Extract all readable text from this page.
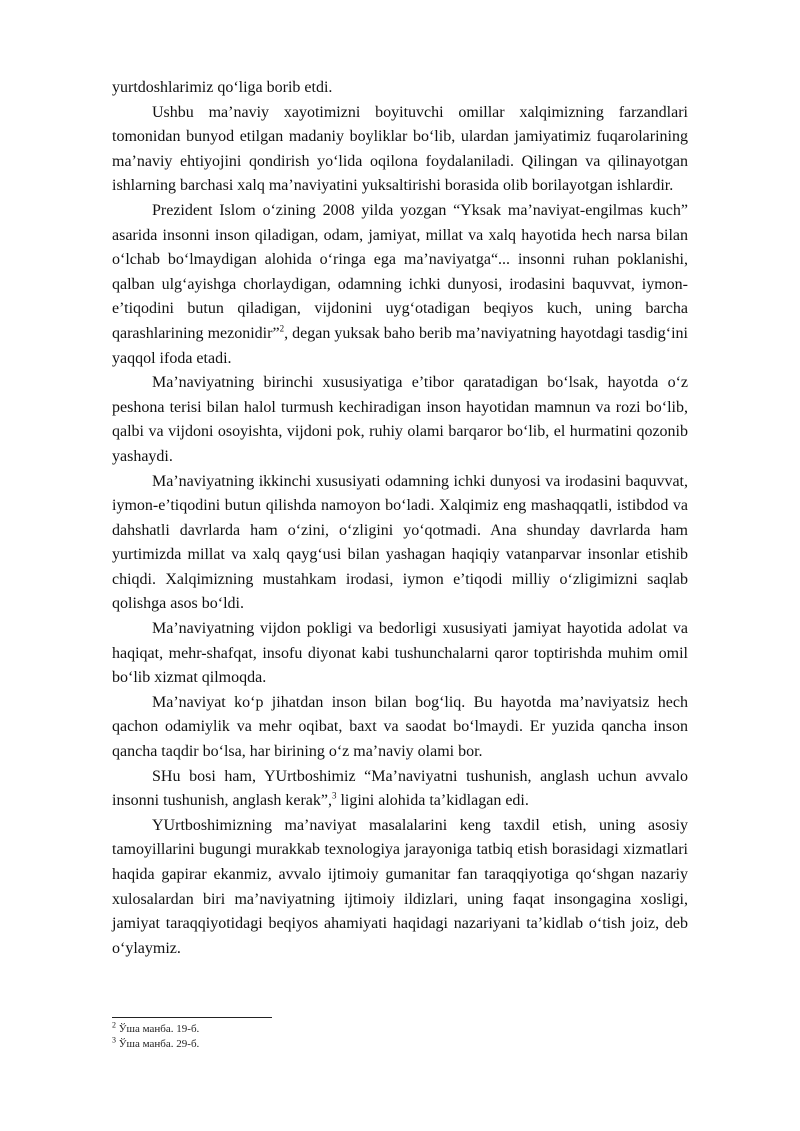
yurtdoshlarimiz qo‘liga borib etdi.

Ushbu ma’naviy xayotimizni boyituvchi omillar xalqimizning farzandlari tomonidan bunyod etilgan madaniy boyliklar bo‘lib, ulardan jamiyatimiz fuqarolarining ma’naviy ehtiyojini qondirish yo‘lida oqilona foydalaniladi. Qilingan va qilinayotgan ishlarning barchasi xalq ma’naviyatini yuksaltirishi borasida olib borilayotgan ishlardir.

Prezident Islom o‘zining 2008 yilda yozgan “Yksak ma’naviyat-engilmas kuch” asarida insonni inson qiladigan, odam, jamiyat, millat va xalq hayotida hech narsa bilan o‘lchab bo‘lmaydigan alohida o‘ringa ega ma’naviyatga“... insonni ruhan poklanishi, qalban ulg‘ayishga chorlaydigan, odamning ichki dunyosi, irodasini baquvvat, iymon-e’tiqodini butun qiladigan, vijdonini uyg‘otadigan beqiyos kuch, uning barcha qarashlarining mezonidir”$^2$, degan yuksak baho berib ma’naviyatning hayotdagi tasdig‘ini yaqqol ifoda etadi.

Ma’naviyatning birinchi xususiyatiga e’tibor qaratadigan bo‘lsak, hayotda o‘z peshona terisi bilan halol turmush kechiradigan inson hayotidan mamnun va rozi bo‘lib, qalbi va vijdoni osoyishta, vijdoni pok, ruhiy olami barqaror bo‘lib, el hurmatini qozonib yashaydi.

Ma’naviyatning ikkinchi xususiyati odamning ichki dunyosi va irodasini baquvvat, iymon-e’tiqodini butun qilishda namoyon bo‘ladi. Xalqimiz eng mashaqqatli, istibdod va dahshatli davrlarda ham o‘zini, o‘zligini yo‘qotmadi. Ana shunday davrlarda ham yurtimizda millat va xalq qayg‘usi bilan yashagan haqiqiy vatanparvar insonlar etishib chiqdi. Xalqimizning mustahkam irodasi, iymon e’tiqodi milliy o‘zligimizni saqlab qolishga asos bo‘ldi.

Ma’naviyatning vijdon pokligi va bedorligi xususiyati jamiyat hayotida adolat va haqiqat, mehr-shafqat, insofu diyonat kabi tushunchalarni qaror toptirishda muhim omil bo‘lib xizmat qilmoqda.

Ma’naviyat ko‘p jihatdan inson bilan bog‘liq. Bu hayotda ma’naviyatsiz hech qachon odamiylik va mehr oqibat, baxt va saodat bo‘lmaydi. Er yuzida qancha inson qancha taqdir bo‘lsa, har birining o‘z ma’naviy olami bor.

SHu bosi ham, YUrtboshimiz “Ma’naviyatni tushunish, anglash uchun avvalo insonni tushunish, anglash kerak”,$^3$ ligini alohida ta’kidlagan edi.

YUrtboshimizning ma’naviyat masalalarini keng taxdil etish, uning asosiy tamoyillarini bugungi murakkab texnologiya jarayoniga tatbiq etish borasidagi xizmatlari haqida gapirar ekanmiz, avvalo ijtimoiy gumanitar fan taraqqiyotiga qo‘shgan nazariy xulosalardan biri ma’naviyatning ijtimoiy ildizlari, uning faqat insongagina xosligi, jamiyat taraqqiyotidagi beqiyos ahamiyati haqidagi nazariyani ta’kidlab o‘tish joiz, deb o‘ylaymiz.

$^2$ Ўша манба. 19-б.
$^3$ Ўша манба. 29-б.
